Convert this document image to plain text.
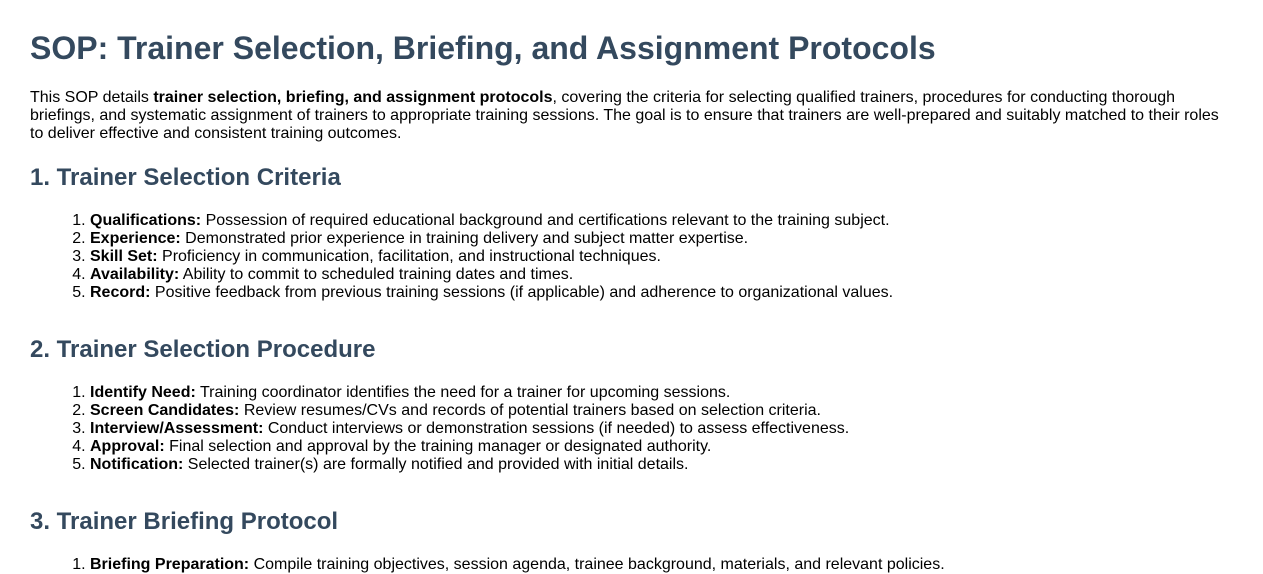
SOP: Trainer Selection, Briefing, and Assignment Protocols

This SOP details trainer selection, briefing, and assignment protocols, covering the criteria for selecting qualified trainers, procedures for conducting thorough briefings, and systematic assignment of trainers to appropriate training sessions. The goal is to ensure that trainers are well-prepared and suitably matched to their roles to deliver effective and consistent training outcomes.

1. Trainer Selection Criteria
1. Qualifications: Possession of required educational background and certifications relevant to the training subject.
2. Experience: Demonstrated prior experience in training delivery and subject matter expertise.
3. Skill Set: Proficiency in communication, facilitation, and instructional techniques.
4. Availability: Ability to commit to scheduled training dates and times.
5. Record: Positive feedback from previous training sessions (if applicable) and adherence to organizational values.
2. Trainer Selection Procedure
1. Identify Need: Training coordinator identifies the need for a trainer for upcoming sessions.
2. Screen Candidates: Review resumes/CVs and records of potential trainers based on selection criteria.
3. Interview/Assessment: Conduct interviews or demonstration sessions (if needed) to assess effectiveness.
4. Approval: Final selection and approval by the training manager or designated authority.
5. Notification: Selected trainer(s) are formally notified and provided with initial details.
3. Trainer Briefing Protocol
1. Briefing Preparation: Compile training objectives, session agenda, trainee background, materials, and relevant policies.
